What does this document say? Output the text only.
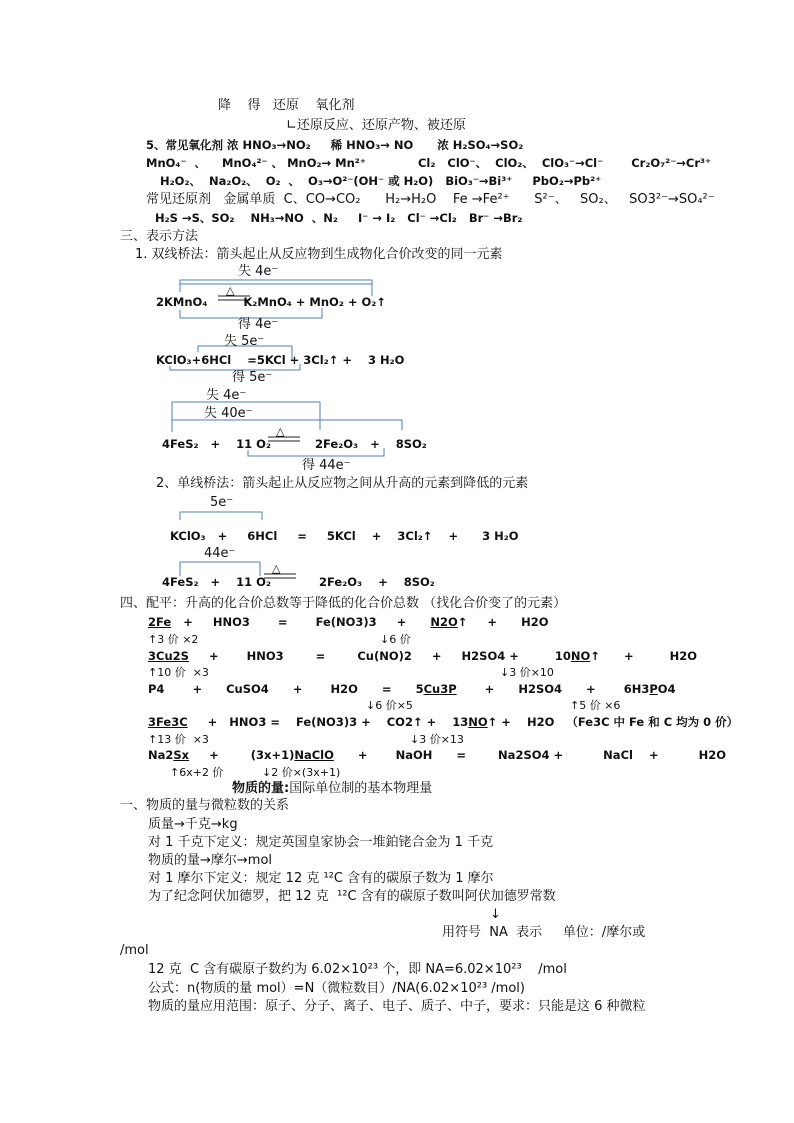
降    得   还原    氧化剂
∟还原反应、还原产物、被还原
5、常见氧化剂 浓 HNO₃→NO₂     稀 HNO₃→ NO      浓 H₂SO₄→SO₂
MnO₄⁻  、    MnO₄²⁻ 、 MnO₂→ Mn²⁺             Cl₂   ClO⁻、  ClO₂、  ClO₃⁻→Cl⁻       Cr₂O₇²⁻→Cr³⁺
H₂O₂、  Na₂O₂、  O₂  、  O₃→O²⁻(OH⁻ 或 H₂O)   BiO₃⁻→Bi³⁺     PbO₂→Pb²⁺
常见还原剂   金属单质  C、CO→CO₂      H₂→H₂O    Fe →Fe²⁺      S²⁻、   SO₂、   SO3²⁻→SO₄²⁻
H₂S →S、SO₂    NH₃→NO  、N₂     I⁻ → I₂   Cl⁻ →Cl₂   Br⁻ →Br₂
三、表示方法
1. 双线桥法：箭头起止从反应物到生成物化合价改变的同一元素
△
△
△
失 4e⁻
2KMnO₄         K₂MnO₄ + MnO₂ + O₂↑
得 4e⁻
失 5e⁻
KClO₃+6HCl    =5KCl + 3Cl₂↑ +    3 H₂O
得 5e⁻
失 4e⁻
失 40e⁻
4FeS₂   +    11 O₂           2Fe₂O₃   +    8SO₂
得 44e⁻
2、单线桥法：箭头起止从反应物之间从升高的元素到降低的元素
5e⁻
KClO₃   +     6HCl     =     5KCl    +    3Cl₂↑    +      3 H₂O
44e⁻
4FeS₂   +    11 O₂            2Fe₂O₃    +    8SO₂
四、配平：升高的化合价总数等于降低的化合价总数 （找化合价变了的元素）
2Fe   +     HNO3       =       Fe(NO3)3     +      N2O↑     +      H2O
↑3 价 ×2	↓6 价
3Cu2S     +       HNO3        =        Cu(NO)2     +     H2SO4 +         10NO↑      +         H2O
↑10 价  ×3	↓3 价×10
P4       +      CuSO4      +       H2O      =      5Cu3P       +      H2SO4      +       6H3PO4
↓6 价×5	↑5 价 ×6
3Fe3C     +   HNO3 =    Fe(NO3)3 +    CO2↑ +    13NO↑ +    H2O   （Fe3C 中 Fe 和 C 均为 0 价）
↑13 价  ×3	↓3 价×13
Na2Sx     +        (3x+1)NaClO      +       NaOH      =        Na2SO4 +          NaCl    +          H2O
↑6x+2 价	↓2 价×(3x+1)
物质的量:国际单位制的基本物理量
一、物质的量与微粒数的关系
质量→千克→kg
对 1 千克下定义：规定英国皇家协会一堆鉑铑合金为 1 千克
物质的量→摩尔→mol
对 1 摩尔下定义：规定 12 克 ¹²C 含有的碳原子数为 1 摩尔
为了纪念阿伏加德罗，把 12 克  ¹²C 含有的碳原子数叫阿伏加德罗常数
↓
用符号  NA  表示     单位：/摩尔或
/mol
12 克  C 含有碳原子数约为 6.02×10²³ 个，即 NA=6.02×10²³    /mol
公式：n(物质的量 mol）=N（微粒数目）/NA(6.02×10²³ /mol)
物质的量应用范围：原子、分子、离子、电子、质子、中子，要求：只能是这 6 种微粒
